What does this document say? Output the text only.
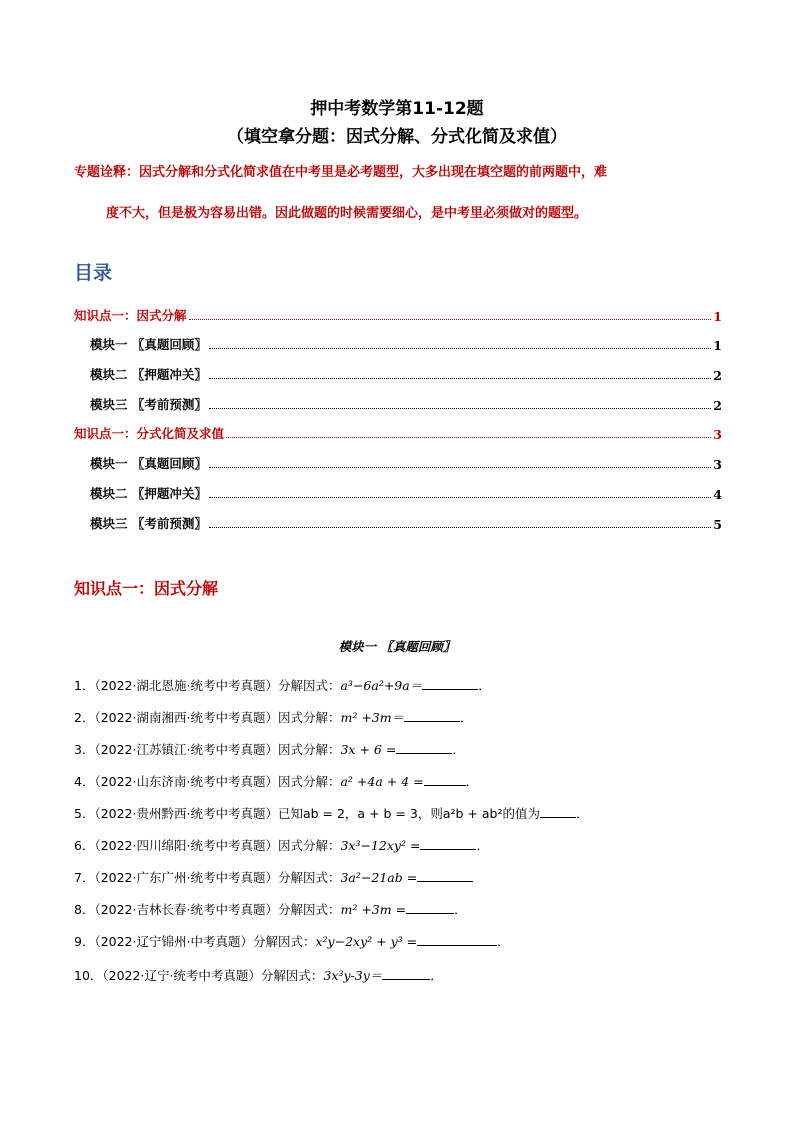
押中考数学第11-12题
（填空拿分题：因式分解、分式化简及求值）
专题诠释：因式分解和分式化简求值在中考里是必考题型，大多出现在填空题的前两题中，难
度不大，但是极为容易出错。因此做题的时候需要细心，是中考里必须做对的题型。
目录
知识点一：因式分解	1
模块一 〖真题回顾〗	1
模块二 〖押题冲关〗	2
模块三 〖考前预测〗	2
知识点一：分式化简及求值	3
模块一 〖真题回顾〗	3
模块二 〖押题冲关〗	4
模块三 〖考前预测〗	5
知识点一：因式分解
模块一 〖真题回顾〗
1．（2022·湖北恩施·统考中考真题）分解因式：a³−6a²+9a＝	．
2．（2022·湖南湘西·统考中考真题）因式分解：m² +3m＝	．
3．（2022·江苏镇江·统考中考真题）因式分解：3x + 6 =	．
4．（2022·山东济南·统考中考真题）因式分解：a² +4a + 4 =	．
5．（2022·贵州黔西·统考中考真题）已知ab = 2，a + b = 3，则a²b + ab²的值为	．
6．（2022·四川绵阳·统考中考真题）因式分解：3x³−12xy² =	．
7．（2022·广东广州·统考中考真题）分解因式：3a²−21ab =
8．（2022·吉林长春·统考中考真题）分解因式：m² +3m =	．
9．（2022·辽宁锦州·中考真题）分解因式：x²y−2xy² + y³ =	．
10．（2022·辽宁·统考中考真题）分解因式：3x³y-3y＝	．
